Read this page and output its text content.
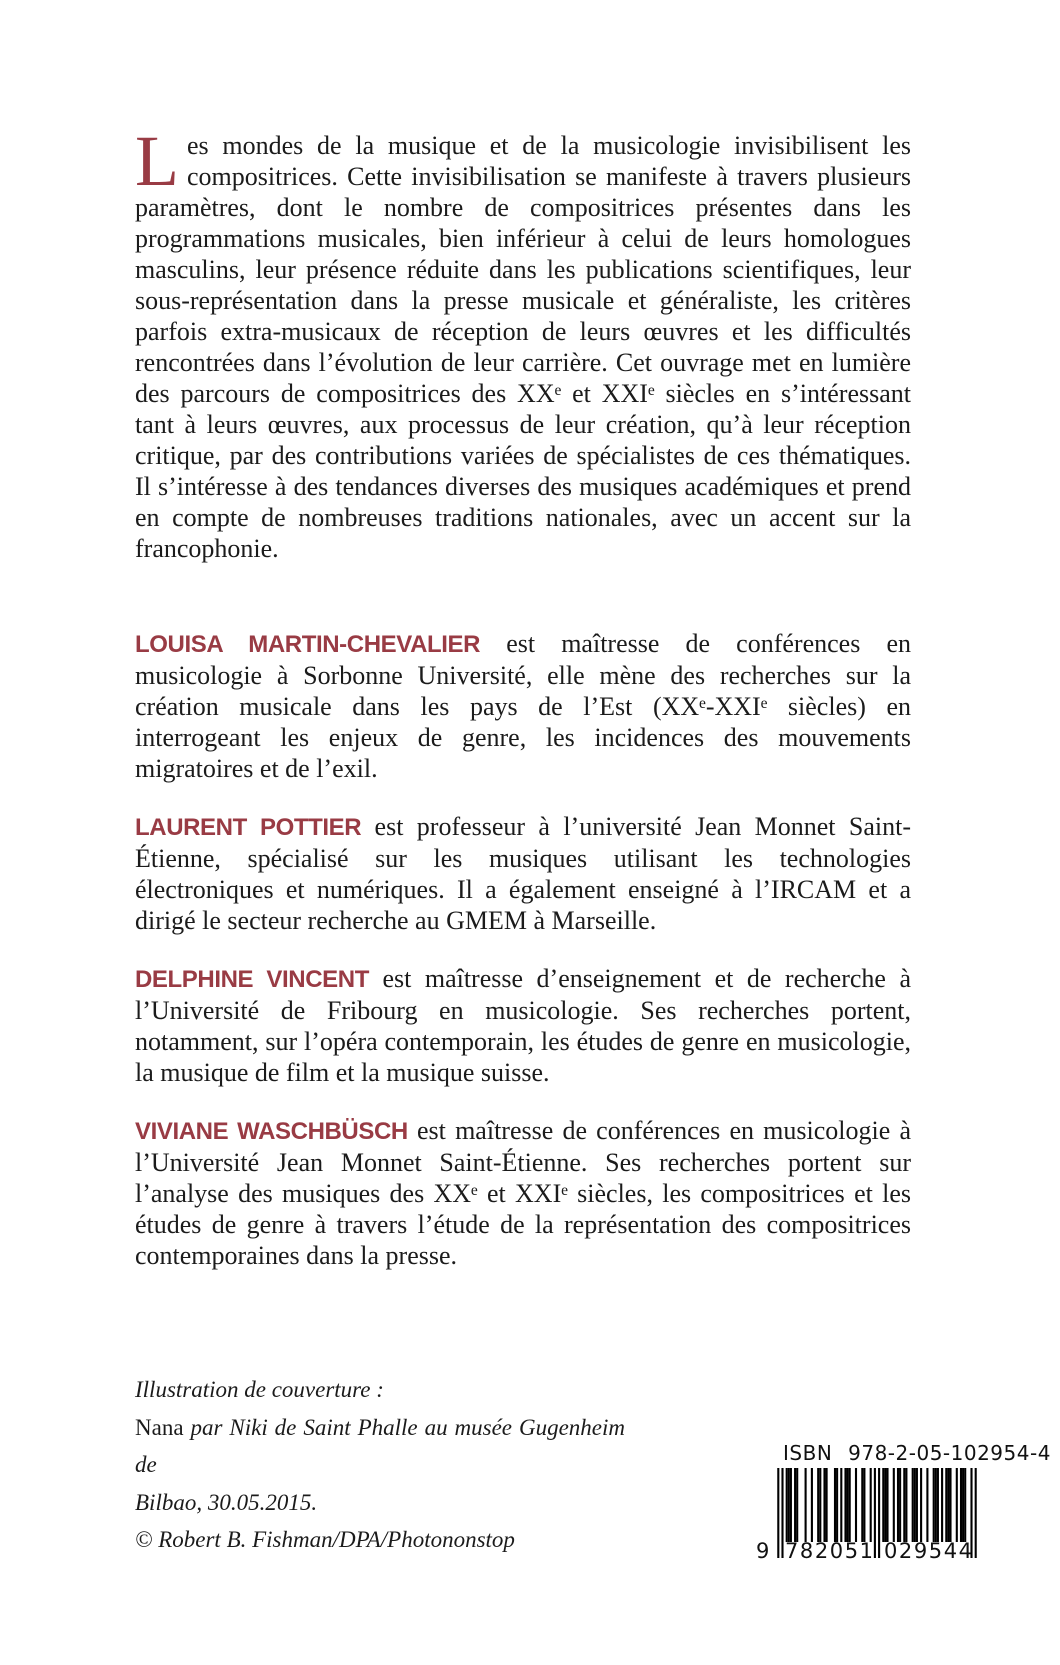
Les mondes de la musique et de la musicologie invisibilisent les compositrices. Cette invisibilisation se manifeste à travers plusieurs paramètres, dont le nombre de compositrices présentes dans les programmations musicales, bien inférieur à celui de leurs homologues masculins, leur présence réduite dans les publications scientifiques, leur sous-représentation dans la presse musicale et généraliste, les critères parfois extra-musicaux de réception de leurs œuvres et les difficultés rencontrées dans l’évolution de leur carrière. Cet ouvrage met en lumière des parcours de compositrices des XXᵉ et XXIᵉ siècles en s’intéressant tant à leurs œuvres, aux processus de leur création, qu’à leur réception critique, par des contributions variées de spécialistes de ces thématiques. Il s’intéresse à des tendances diverses des musiques académiques et prend en compte de nombreuses traditions nationales, avec un accent sur la francophonie.

LOUISA MARTIN-CHEVALIER est maîtresse de conférences en musicologie à Sorbonne Université, elle mène des recherches sur la création musicale dans les pays de l’Est (XXᵉ-XXIᵉ siècles) en interrogeant les enjeux de genre, les incidences des mouvements migratoires et de l’exil.

LAURENT POTTIER est professeur à l’université Jean Monnet Saint-Étienne, spécialisé sur les musiques utilisant les technologies électroniques et numériques. Il a également enseigné à l’IRCAM et a dirigé le secteur recherche au GMEM à Marseille.

DELPHINE VINCENT est maîtresse d’enseignement et de recherche à l’Université de Fribourg en musicologie. Ses recherches portent, notamment, sur l’opéra contemporain, les études de genre en musicologie, la musique de film et la musique suisse.

VIVIANE WASCHBÜSCH est maîtresse de conférences en musicologie à l’Université Jean Monnet Saint-Étienne. Ses recherches portent sur l’analyse des musiques des XXᵉ et XXIᵉ siècles, les compositrices et les études de genre à travers l’étude de la représentation des compositrices contemporaines dans la presse.

Illustration de couverture :
Nana par Niki de Saint Phalle au musée Gugenheim de
Bilbao, 30.05.2015.
© Robert B. Fishman/DPA/Photononstop
ISBN 978-2-05-102954-4
9 7 8 2 0 5 1 0 2 9 5 4 4
